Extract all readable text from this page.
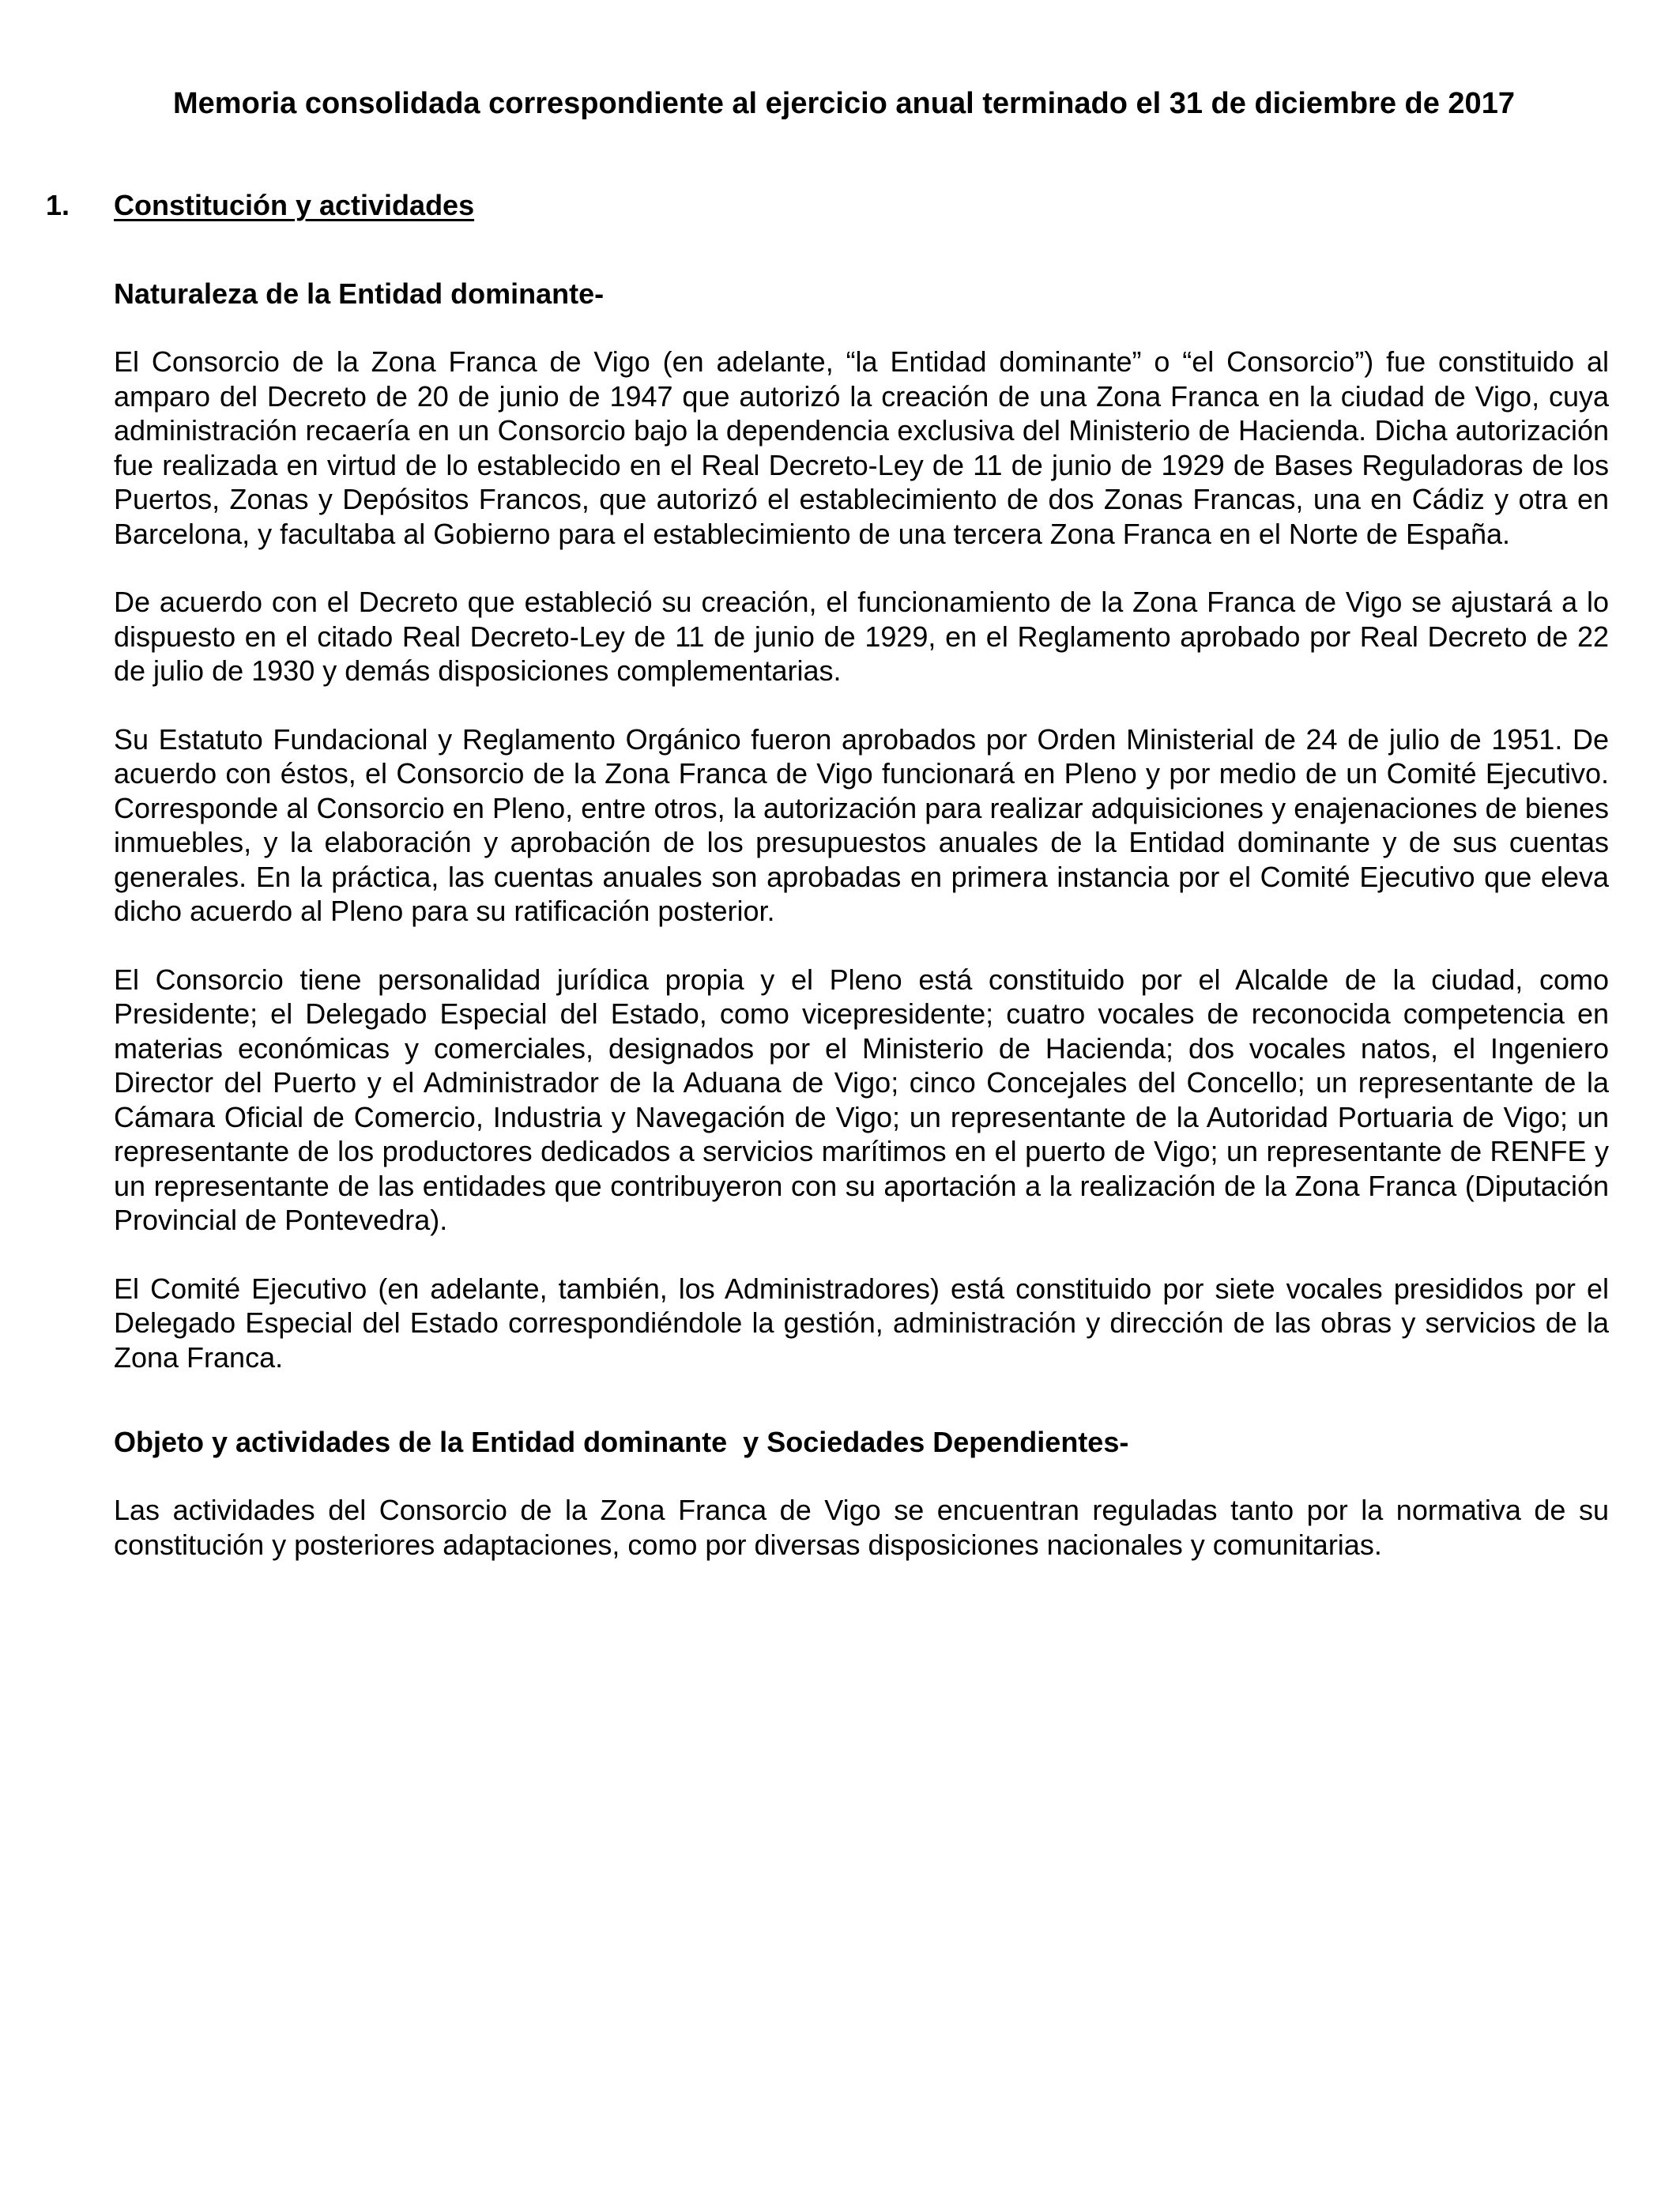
Memoria consolidada correspondiente al ejercicio anual terminado el 31 de diciembre de 2017
1. Constitución y actividades

Naturaleza de la Entidad dominante-

El Consorcio de la Zona Franca de Vigo (en adelante, “la Entidad dominante” o “el Consorcio”) fue constituido al amparo del Decreto de 20 de junio de 1947 que autorizó la creación de una Zona Franca en la ciudad de Vigo, cuya administración recaería en un Consorcio bajo la dependencia exclusiva del Ministerio de Hacienda. Dicha autorización fue realizada en virtud de lo establecido en el Real Decreto-Ley de 11 de junio de 1929 de Bases Reguladoras de los Puertos, Zonas y Depósitos Francos, que autorizó el establecimiento de dos Zonas Francas, una en Cádiz y otra en Barcelona, y facultaba al Gobierno para el establecimiento de una tercera Zona Franca en el Norte de España.

De acuerdo con el Decreto que estableció su creación, el funcionamiento de la Zona Franca de Vigo se ajustará a lo dispuesto en el citado Real Decreto-Ley de 11 de junio de 1929, en el Reglamento aprobado por Real Decreto de 22 de julio de 1930 y demás disposiciones complementarias.

Su Estatuto Fundacional y Reglamento Orgánico fueron aprobados por Orden Ministerial de 24 de julio de 1951. De acuerdo con éstos, el Consorcio de la Zona Franca de Vigo funcionará en Pleno y por medio de un Comité Ejecutivo. Corresponde al Consorcio en Pleno, entre otros, la autorización para realizar adquisiciones y enajenaciones de bienes inmuebles, y la elaboración y aprobación de los presupuestos anuales de la Entidad dominante y de sus cuentas generales. En la práctica, las cuentas anuales son aprobadas en primera instancia por el Comité Ejecutivo que eleva dicho acuerdo al Pleno para su ratificación posterior.

El Consorcio tiene personalidad jurídica propia y el Pleno está constituido por el Alcalde de la ciudad, como Presidente; el Delegado Especial del Estado, como vicepresidente; cuatro vocales de reconocida competencia en materias económicas y comerciales, designados por el Ministerio de Hacienda; dos vocales natos, el Ingeniero Director del Puerto y el Administrador de la Aduana de Vigo; cinco Concejales del Concello; un representante de la Cámara Oficial de Comercio, Industria y Navegación de Vigo; un representante de la Autoridad Portuaria de Vigo; un representante de los productores dedicados a servicios marítimos en el puerto de Vigo; un representante de RENFE y un representante de las entidades que contribuyeron con su aportación a la realización de la Zona Franca (Diputación Provincial de Pontevedra).

El Comité Ejecutivo (en adelante, también, los Administradores) está constituido por siete vocales presididos por el Delegado Especial del Estado correspondiéndole la gestión, administración y dirección de las obras y servicios de la Zona Franca.

Objeto y actividades de la Entidad dominante  y Sociedades Dependientes-

Las actividades del Consorcio de la Zona Franca de Vigo se encuentran reguladas tanto por la normativa de su constitución y posteriores adaptaciones, como por diversas disposiciones nacionales y comunitarias.
